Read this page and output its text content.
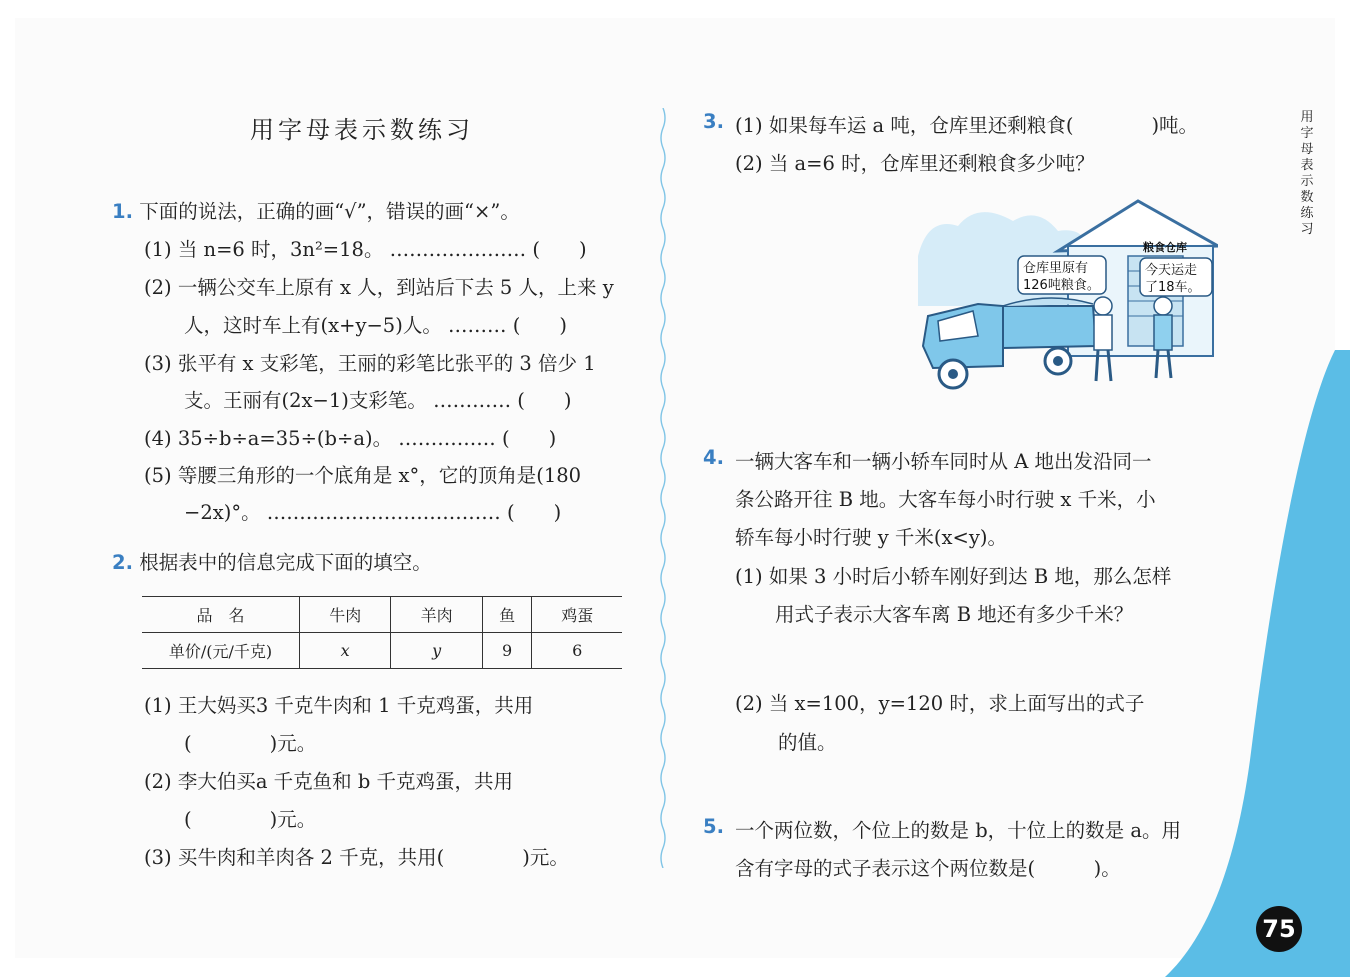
用字母表示数练习
1. 下面的说法，正确的画“√”，错误的画“×”。
(1) 当 n=6 时，3n²=18。 ………………… (　　)
(2) 一辆公交车上原有 x 人，到站后下去 5 人，上来 y
人，这时车上有(x+y−5)人。 ……… (　　)
(3) 张平有 x 支彩笔，王丽的彩笔比张平的 3 倍少 1
支。王丽有(2x−1)支彩笔。 ………… (　　)
(4) 35÷b÷a=35÷(b÷a)。 …………… (　　)
(5) 等腰三角形的一个底角是 x°，它的顶角是(180
−2x)°。 ……………………………… (　　)
2. 根据表中的信息完成下面的填空。
品　名	牛肉	羊肉	鱼	鸡蛋
单价/(元/千克)	x	y	9	6
(1) 王大妈买3 千克牛肉和 1 千克鸡蛋，共用
(　　　　)元。
(2) 李大伯买a 千克鱼和 b 千克鸡蛋，共用
(　　　　)元。
(3) 买牛肉和羊肉各 2 千克，共用(　　　　)元。
3. (1) 如果每车运 a 吨，仓库里还剩粮食(　　　　)吨。
(2) 当 a=6 时，仓库里还剩粮食多少吨？
粮食仓库
仓库里原有
126吨粮食。
今天运走
了18车。
4. 一辆大客车和一辆小轿车同时从 A 地出发沿同一
条公路开往 B 地。大客车每小时行驶 x 千米，小
轿车每小时行驶 y 千米(x<y)。
(1) 如果 3 小时后小轿车刚好到达 B 地，那么怎样
用式子表示大客车离 B 地还有多少千米？
(2) 当 x=100，y=120 时，求上面写出的式子
的值。
5. 一个两位数，个位上的数是 b，十位上的数是 a。用
含有字母的式子表示这个两位数是(　　　)。
用字母表示数练习
75
